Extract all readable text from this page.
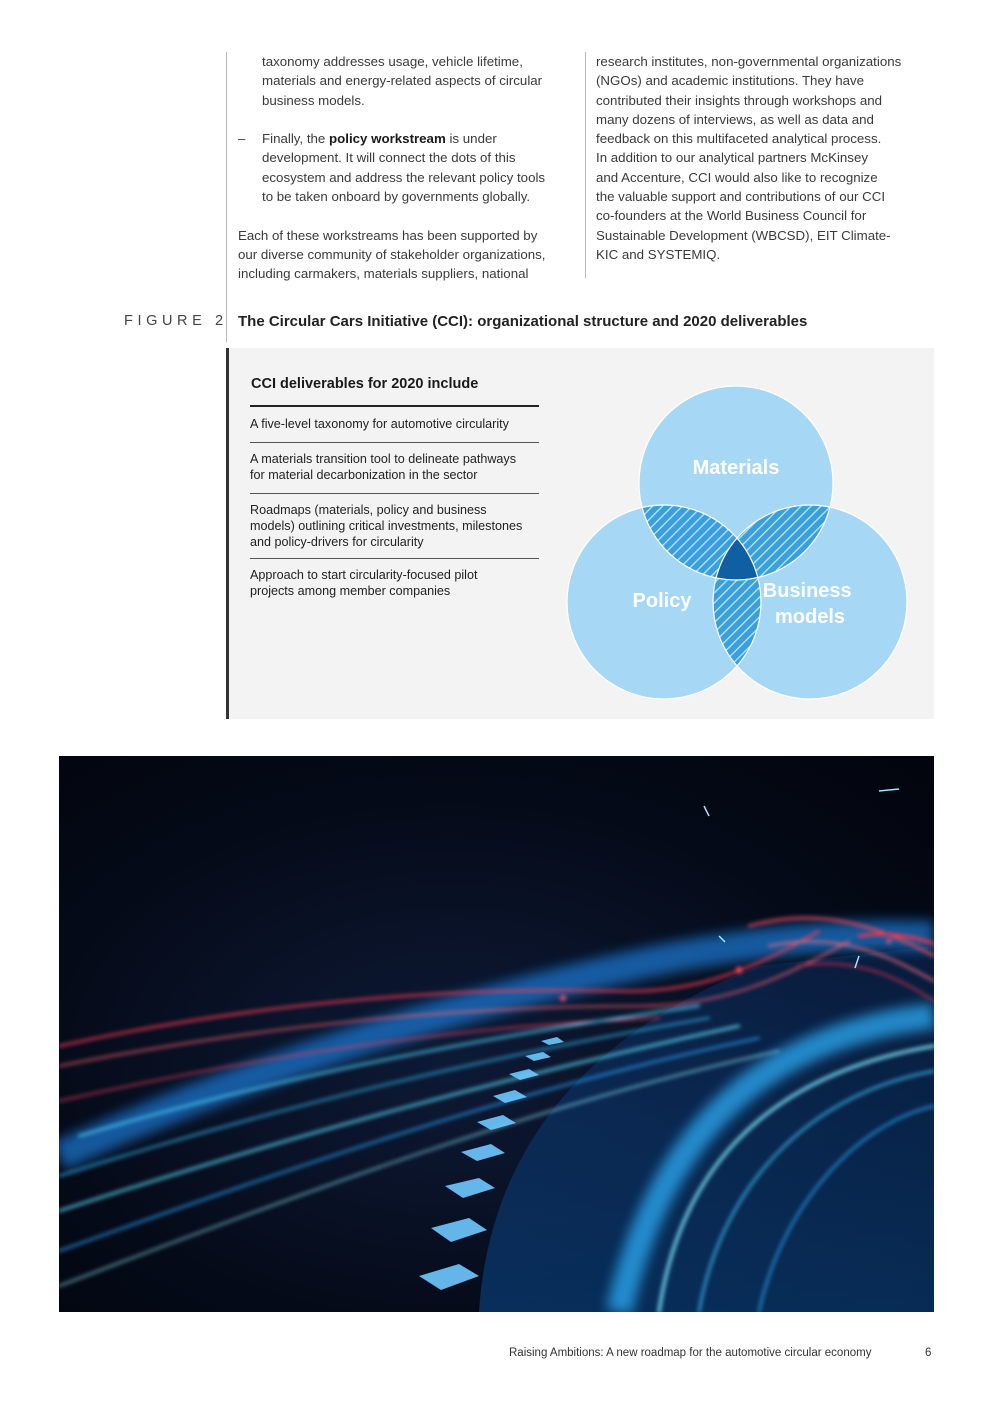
taxonomy addresses usage, vehicle lifetime,

materials and energy-related aspects of circular

business models.

– Finally, the policy workstream is under

development. It will connect the dots of this

ecosystem and address the relevant policy tools

to be taken onboard by governments globally.

Each of these workstreams has been supported by

our diverse community of stakeholder organizations,

including carmakers, materials suppliers, national

research institutes, non-governmental organizations

(NGOs) and academic institutions. They have

contributed their insights through workshops and

many dozens of interviews, as well as data and

feedback on this multifaceted analytical process.

In addition to our analytical partners McKinsey

and Accenture, CCI would also like to recognize

the valuable support and contributions of our CCI

co-founders at the World Business Council for

Sustainable Development (WBCSD), EIT Climate-

KIC and SYSTEMIQ.

FIGURE 2 The Circular Cars Initiative (CCI): organizational structure and 2020 deliverables
CCI deliverables for 2020 include
A five-level taxonomy for automotive circularity
A materials transition tool to delineate pathways
for material decarbonization in the sector
Roadmaps (materials, policy and business
models) outlining critical investments, milestones
and policy-drivers for circularity
Approach to start circularity-focused pilot
projects among member companies
Materials
Policy	Business models
Raising Ambitions: A new roadmap for the automotive circular economy	6
